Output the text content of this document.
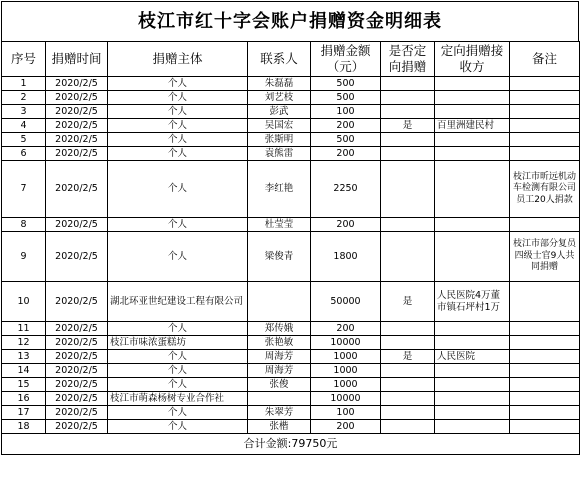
枝江市红十字会账户捐赠资金明细表
序号	捐赠时间	捐赠主体	联系人	捐赠金额（元）	是否定向捐赠	定向捐赠接收方	备注
1	2020/2/5	个人	朱磊磊	500			
2	2020/2/5	个人	刘艺枝	500			
3	2020/2/5	个人	彭武	100			
4	2020/2/5	个人	吴国宏	200	是	百里洲建民村	
5	2020/2/5	个人	张斯明	500			
6	2020/2/5	个人	袁熊雷	200			
7	2020/2/5	个人	李红艳	2250			枝江市昕远机动车检测有限公司员工20人捐款
8	2020/2/5	个人	杜莹莹	200			
9	2020/2/5	个人	梁俊青	1800			枝江市部分复员四级士官9人共同捐赠
10	2020/2/5	湖北环亚世纪建设工程有限公司		50000	是	人民医院4万董市镇石坪村1万	
11	2020/2/5	个人	郑传娥	200			
12	2020/2/5	枝江市味浓蛋糕坊	张艳敏	10000			
13	2020/2/5	个人	周海芳	1000	是	人民医院	
14	2020/2/5	个人	周海芳	1000			
15	2020/2/5	个人	张俊	1000			
16	2020/2/5	枝江市萌森杨树专业合作社		10000			
17	2020/2/5	个人	朱翠芳	100			
18	2020/2/5	个人	张楷	200			
合计金额:79750元							
